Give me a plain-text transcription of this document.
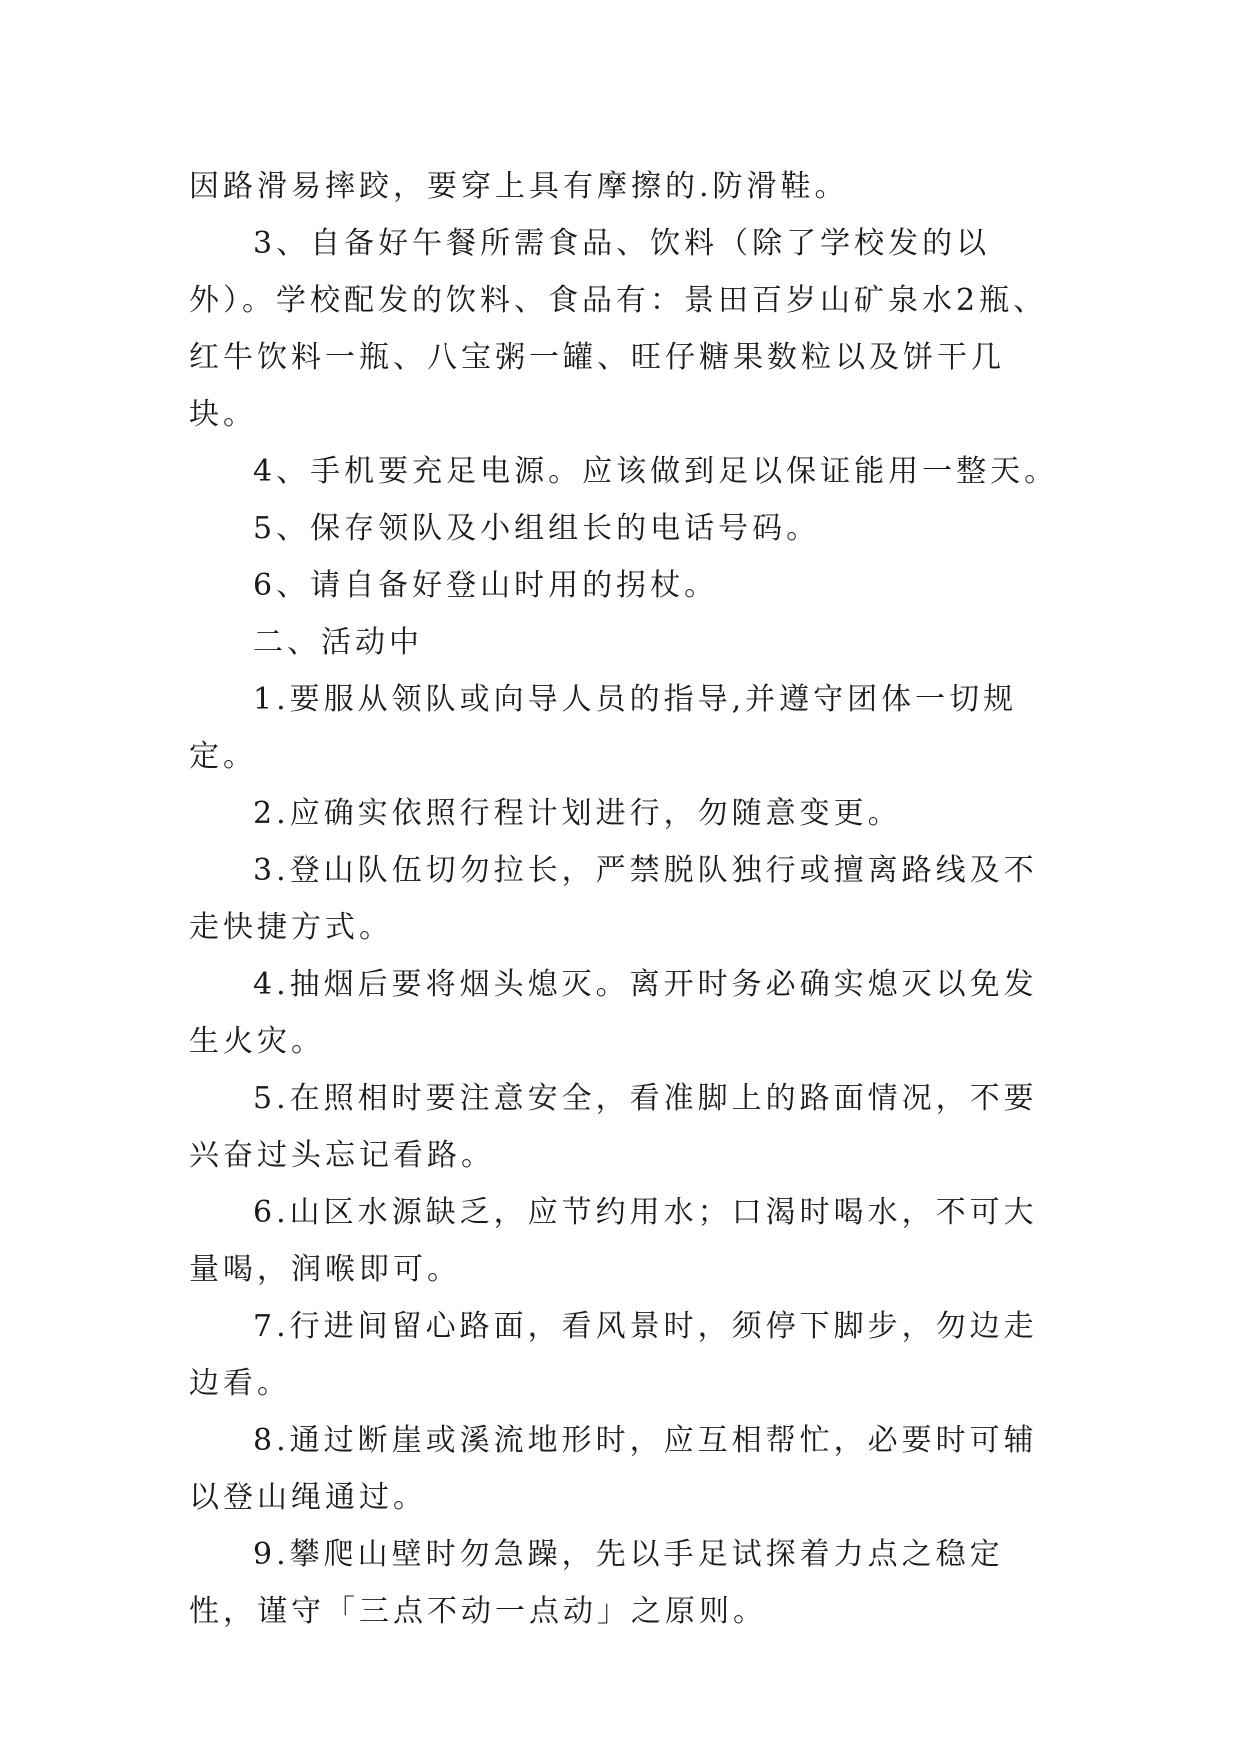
因路滑易摔跤，要穿上具有摩擦的.防滑鞋。

3、自备好午餐所需食品、饮料（除了学校发的以外）。学校配发的饮料、食品有：景田百岁山矿泉水2瓶、红牛饮料一瓶、八宝粥一罐、旺仔糖果数粒以及饼干几块。

4、手机要充足电源。应该做到足以保证能用一整天。

5、保存领队及小组组长的电话号码。

6、请自备好登山时用的拐杖。

二、活动中

1.要服从领队或向导人员的指导,并遵守团体一切规定。

2.应确实依照行程计划进行，勿随意变更。

3.登山队伍切勿拉长，严禁脱队独行或擅离路线及不走快捷方式。

4.抽烟后要将烟头熄灭。离开时务必确实熄灭以免发生火灾。

5.在照相时要注意安全，看准脚上的路面情况，不要兴奋过头忘记看路。

6.山区水源缺乏，应节约用水；口渴时喝水，不可大量喝，润喉即可。

7.行进间留心路面，看风景时，须停下脚步，勿边走边看。

8.通过断崖或溪流地形时，应互相帮忙，必要时可辅以登山绳通过。

9.攀爬山壁时勿急躁，先以手足试探着力点之稳定性，谨守「三点不动一点动」之原则。
